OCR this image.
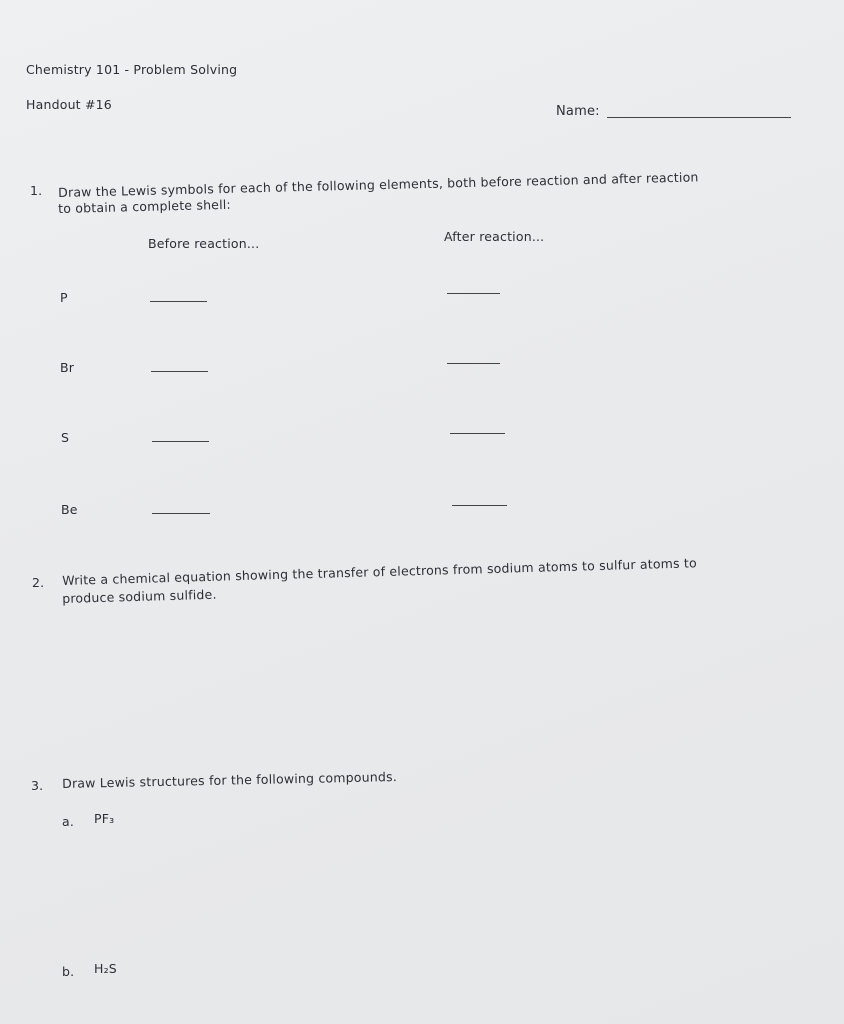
Chemistry 101 - Problem Solving
Handout #16	Name:
1. Draw the Lewis symbols for each of the following elements, both before reaction and after reaction
to obtain a complete shell:
Before reaction...	After reaction...
P
Br
S
Be
2. Write a chemical equation showing the transfer of electrons from sodium atoms to sulfur atoms to
produce sodium sulfide.
3. Draw Lewis structures for the following compounds.
a. PF₃
b. H₂S
